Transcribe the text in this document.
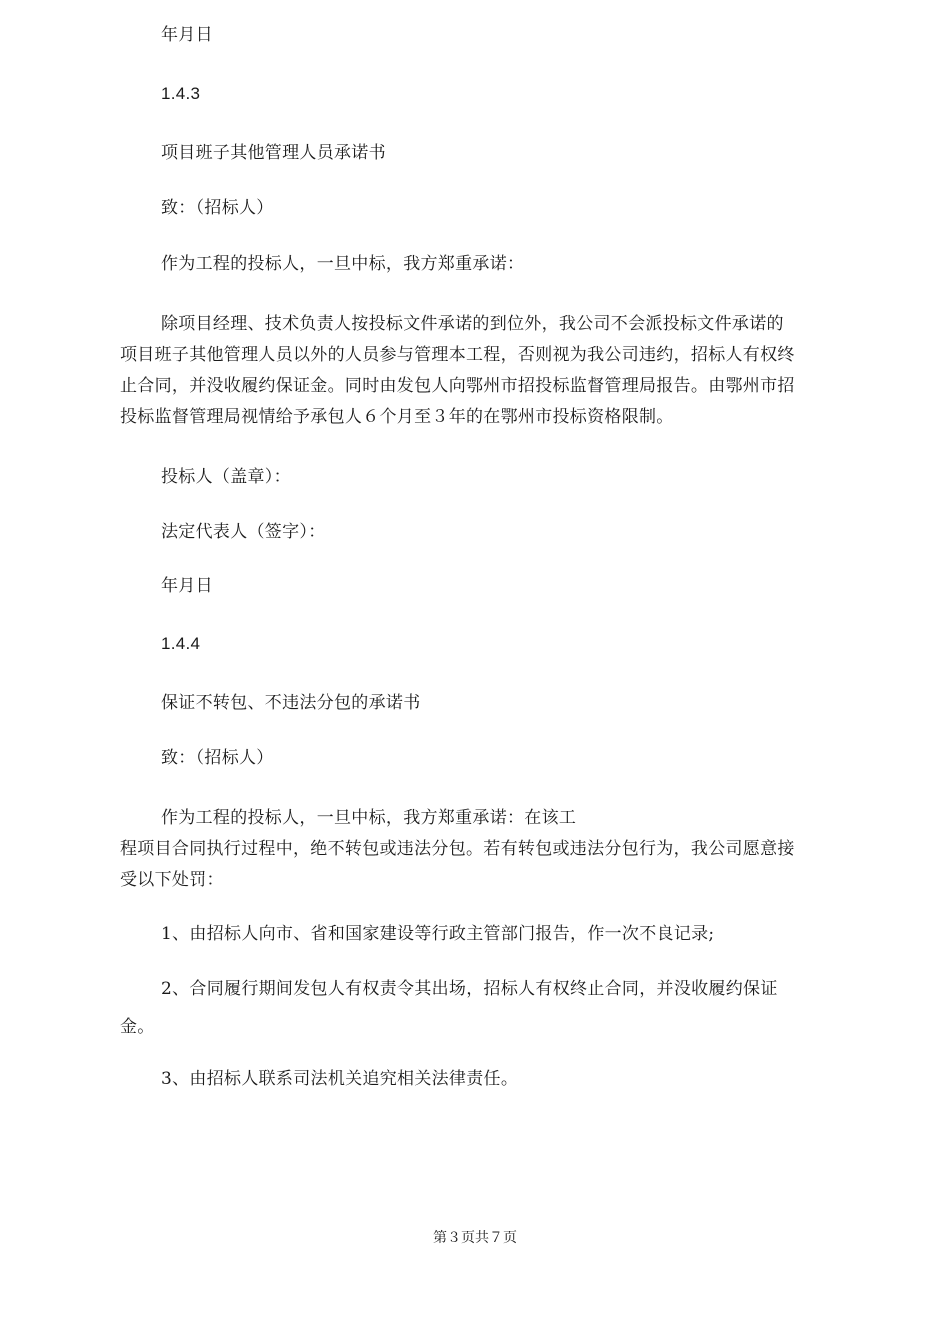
年月日
1.4.3
项目班子其他管理人员承诺书
致：（招标人）
作为工程的投标人，一旦中标，我方郑重承诺：
除项目经理、技术负责人按投标文件承诺的到位外，我公司不会派投标文件承诺的
项目班子其他管理人员以外的人员参与管理本工程，否则视为我公司违约，招标人有权终
止合同，并没收履约保证金。同时由发包人向鄂州市招投标监督管理局报告。由鄂州市招
投标监督管理局视情给予承包人６个月至３年的在鄂州市投标资格限制。
投标人（盖章）：
法定代表人（签字）：
年月日
1.4.4
保证不转包、不违法分包的承诺书
致：（招标人）
作为工程的投标人，一旦中标，我方郑重承诺：在该工
程项目合同执行过程中，绝不转包或违法分包。若有转包或违法分包行为，我公司愿意接
受以下处罚：
1、由招标人向市、省和国家建设等行政主管部门报告，作一次不良记录;
2、合同履行期间发包人有权责令其出场，招标人有权终止合同，并没收履约保证
金。
3、由招标人联系司法机关追究相关法律责任。
第３页共７页
